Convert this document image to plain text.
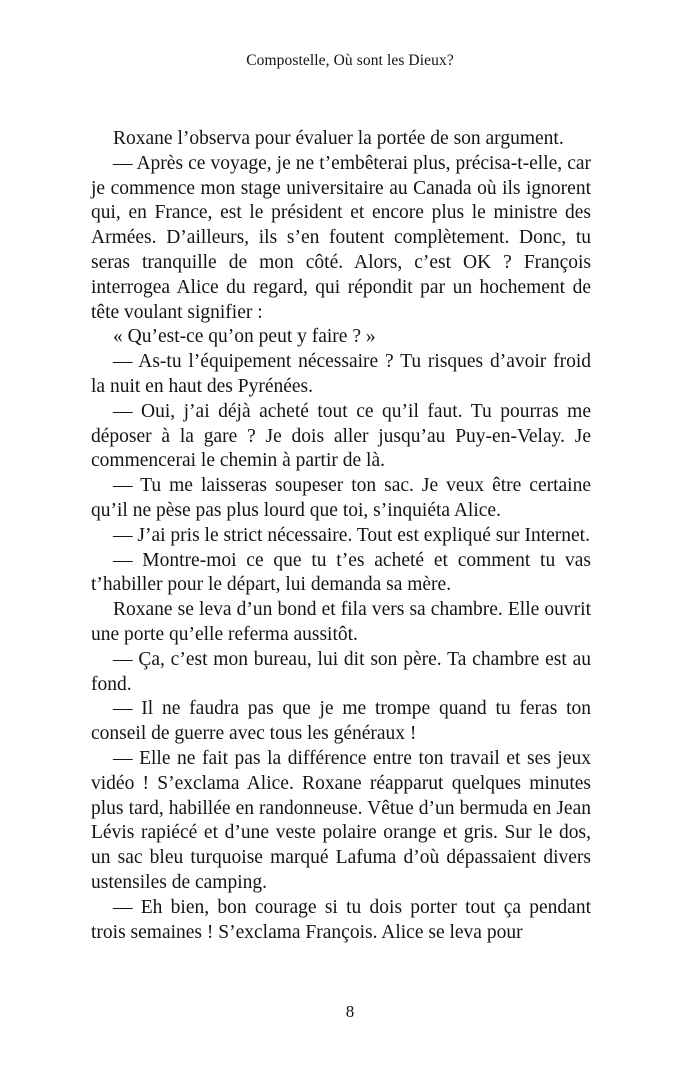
Compostelle, Où sont les Dieux?

Roxane l’observa pour évaluer la portée de son argument.

— Après ce voyage, je ne t’embêterai plus, précisa-t-elle, car je commence mon stage universitaire au Canada où ils ignorent qui, en France, est le président et encore plus le ministre des Armées. D’ailleurs, ils s’en foutent complètement. Donc, tu seras tranquille de mon côté. Alors, c’est OK ? François interrogea Alice du regard, qui répondit par un hochement de tête voulant signifier :

« Qu’est-ce qu’on peut y faire ? »

— As-tu l’équipement nécessaire ? Tu risques d’avoir froid la nuit en haut des Pyrénées.

— Oui, j’ai déjà acheté tout ce qu’il faut. Tu pourras me déposer à la gare ? Je dois aller jusqu’au Puy-en-Velay. Je commencerai le chemin à partir de là.

— Tu me laisseras soupeser ton sac. Je veux être certaine qu’il ne pèse pas plus lourd que toi, s’inquiéta Alice.

— J’ai pris le strict nécessaire. Tout est expliqué sur Internet.

— Montre-moi ce que tu t’es acheté et comment tu vas t’habiller pour le départ, lui demanda sa mère.

Roxane se leva d’un bond et fila vers sa chambre. Elle ouvrit une porte qu’elle referma aussitôt.

— Ça, c’est mon bureau, lui dit son père. Ta chambre est au fond.

— Il ne faudra pas que je me trompe quand tu feras ton conseil de guerre avec tous les généraux !

— Elle ne fait pas la différence entre ton travail et ses jeux vidéo ! S’exclama Alice. Roxane réapparut quelques minutes plus tard, habillée en randonneuse. Vêtue d’un bermuda en Jean Lévis rapiécé et d’une veste polaire orange et gris. Sur le dos, un sac bleu turquoise marqué Lafuma d’où dépassaient divers ustensiles de camping.

— Eh bien, bon courage si tu dois porter tout ça pendant trois semaines ! S’exclama François. Alice se leva pour

8
